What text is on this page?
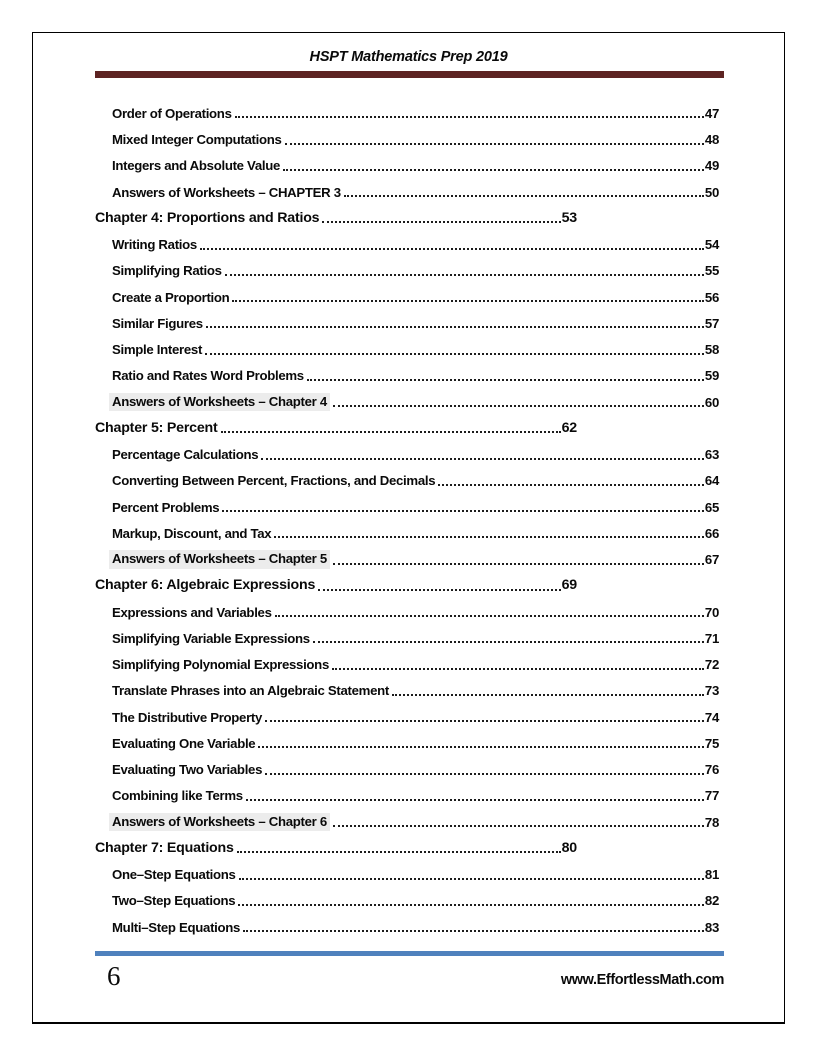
HSPT Mathematics Prep 2019
Order of Operations	47
Mixed Integer Computations	48
Integers and Absolute Value	49
Answers of Worksheets – CHAPTER 3	50
Chapter 4: Proportions and Ratios	53
Writing Ratios	54
Simplifying Ratios	55
Create a Proportion	56
Similar Figures	57
Simple Interest	58
Ratio and Rates Word Problems	59
Answers of Worksheets – Chapter 4	60
Chapter 5: Percent	62
Percentage Calculations	63
Converting Between Percent, Fractions, and Decimals	64
Percent Problems	65
Markup, Discount, and Tax	66
Answers of Worksheets – Chapter 5	67
Chapter 6: Algebraic Expressions	69
Expressions and Variables	70
Simplifying Variable Expressions	71
Simplifying Polynomial Expressions	72
Translate Phrases into an Algebraic Statement	73
The Distributive Property	74
Evaluating One Variable	75
Evaluating Two Variables	76
Combining like Terms	77
Answers of Worksheets – Chapter 6	78
Chapter 7: Equations	80
One–Step Equations	81
Two–Step Equations	82
Multi–Step Equations	83
6	www.EffortlessMath.com
